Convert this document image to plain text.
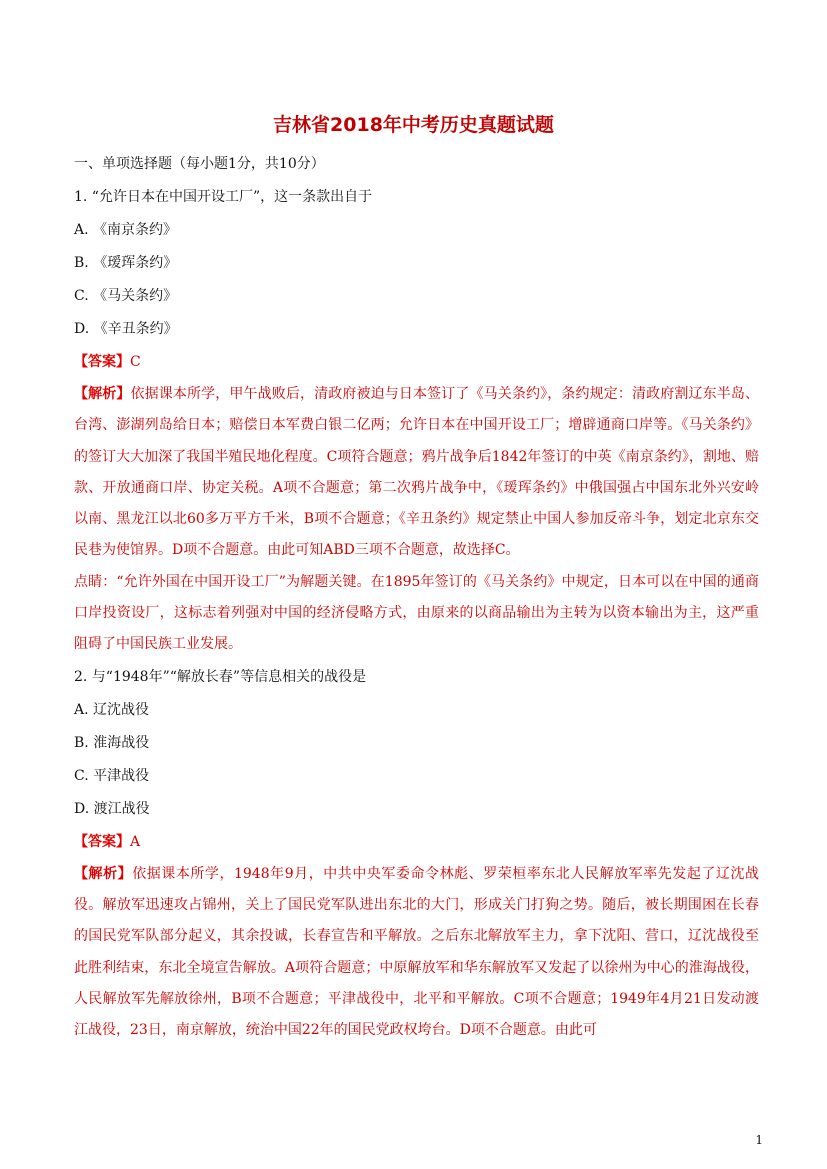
吉林省2018年中考历史真题试题
一、单项选择题（每小题1分，共10分）
1. “允许日本在中国开设工厂”，这一条款出自于
A. 《南京条约》
B. 《瑷珲条约》
C. 《马关条约》
D. 《辛丑条约》
【答案】C
【解析】依据课本所学，甲午战败后，清政府被迫与日本签订了《马关条约》，条约规定：清政府割辽东半岛、台湾、澎湖列岛给日本；赔偿日本军费白银二亿两；允许日本在中国开设工厂；增辟通商口岸等。《马关条约》的签订大大加深了我国半殖民地化程度。C项符合题意；鸦片战争后1842年签订的中英《南京条约》，割地、赔款、开放通商口岸、协定关税。A项不合题意；第二次鸦片战争中，《瑷珲条约》中俄国强占中国东北外兴安岭以南、黑龙江以北60多万平方千米，B项不合题意；《辛丑条约》规定禁止中国人参加反帝斗争，划定北京东交民巷为使馆界。D项不合题意。由此可知ABD三项不合题意，故选择C。
点睛：“允许外国在中国开设工厂”为解题关键。在1895年签订的《马关条约》中规定，日本可以在中国的通商口岸投资设厂，这标志着列强对中国的经济侵略方式，由原来的以商品输出为主转为以资本输出为主，这严重阻碍了中国民族工业发展。
2. 与“1948年”“解放长春”等信息相关的战役是
A. 辽沈战役
B. 淮海战役
C. 平津战役
D. 渡江战役
【答案】A
【解析】依据课本所学，1948年9月，中共中央军委命令林彪、罗荣桓率东北人民解放军率先发起了辽沈战役。解放军迅速攻占锦州，关上了国民党军队进出东北的大门，形成关门打狗之势。随后，被长期围困在长春的国民党军队部分起义，其余投诚，长春宣告和平解放。之后东北解放军主力，拿下沈阳、营口，辽沈战役至此胜利结束，东北全境宣告解放。A项符合题意；中原解放军和华东解放军又发起了以徐州为中心的淮海战役，人民解放军先解放徐州，B项不合题意；平津战役中，北平和平解放。C项不合题意；1949年4月21日发动渡江战役，23日，南京解放，统治中国22年的国民党政权垮台。D项不合题意。由此可
1
